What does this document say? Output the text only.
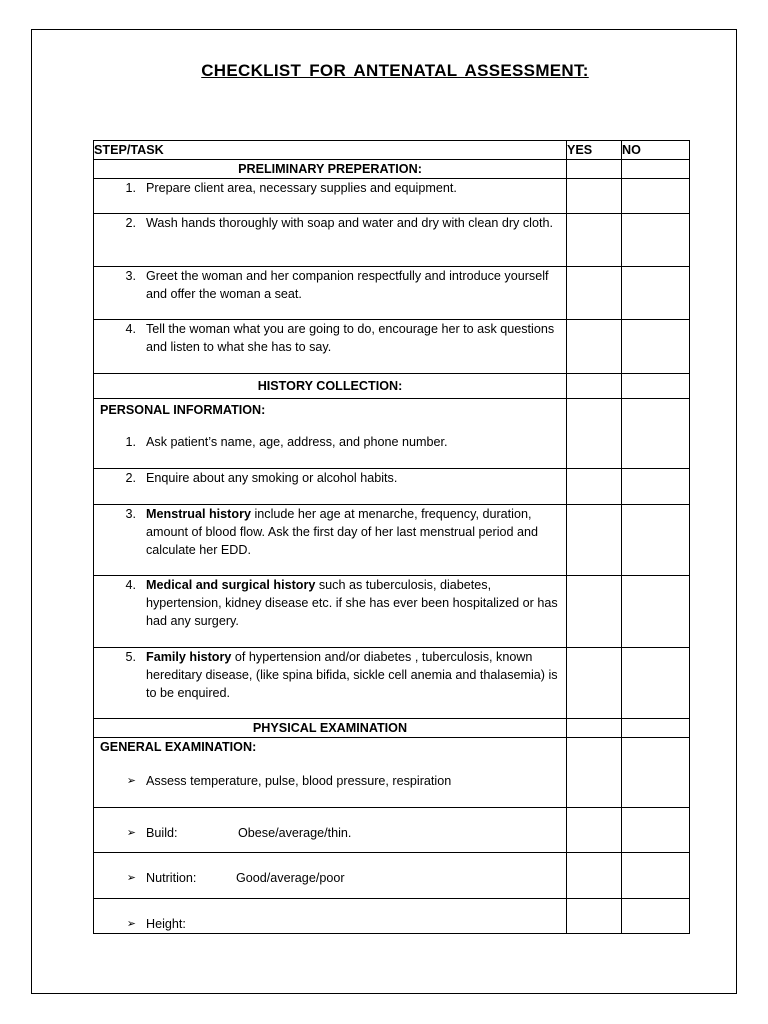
CHECKLIST FOR ANTENATAL ASSESSMENT:
STEP/TASK	YES	NO
PRELIMINARY PREPERATION:		

1. Prepare client area, necessary supplies and equipment.		

2. Wash hands thoroughly with soap and water and dry with clean dry cloth.		

3. Greet the woman and her companion respectfully and introduce yourself and offer the woman a seat.		

4. Tell the woman what you are going to do, encourage her to ask questions and listen to what she has to say.		

HISTORY COLLECTION:		

PERSONAL INFORMATION:
1. Ask patient’s name, age, address, and phone number.		

2. Enquire about any smoking or alcohol habits.		

3. Menstrual history include her age at menarche, frequency, duration, amount of blood flow. Ask the first day of her last menstrual period and calculate her EDD.		

4. Medical and surgical history such as tuberculosis, diabetes, hypertension, kidney disease etc. if she has ever been hospitalized or has had any surgery.		

5. Family history of hypertension and/or diabetes , tuberculosis, known hereditary disease, (like spina bifida, sickle cell anemia and thalasemia) is to be enquired.		

PHYSICAL EXAMINATION		

GENERAL EXAMINATION:
➢ Assess temperature, pulse, blood pressure, respiration		

➢ Build: Obese/average/thin.		

➢ Nutrition: Good/average/poor		

➢ Height:		
